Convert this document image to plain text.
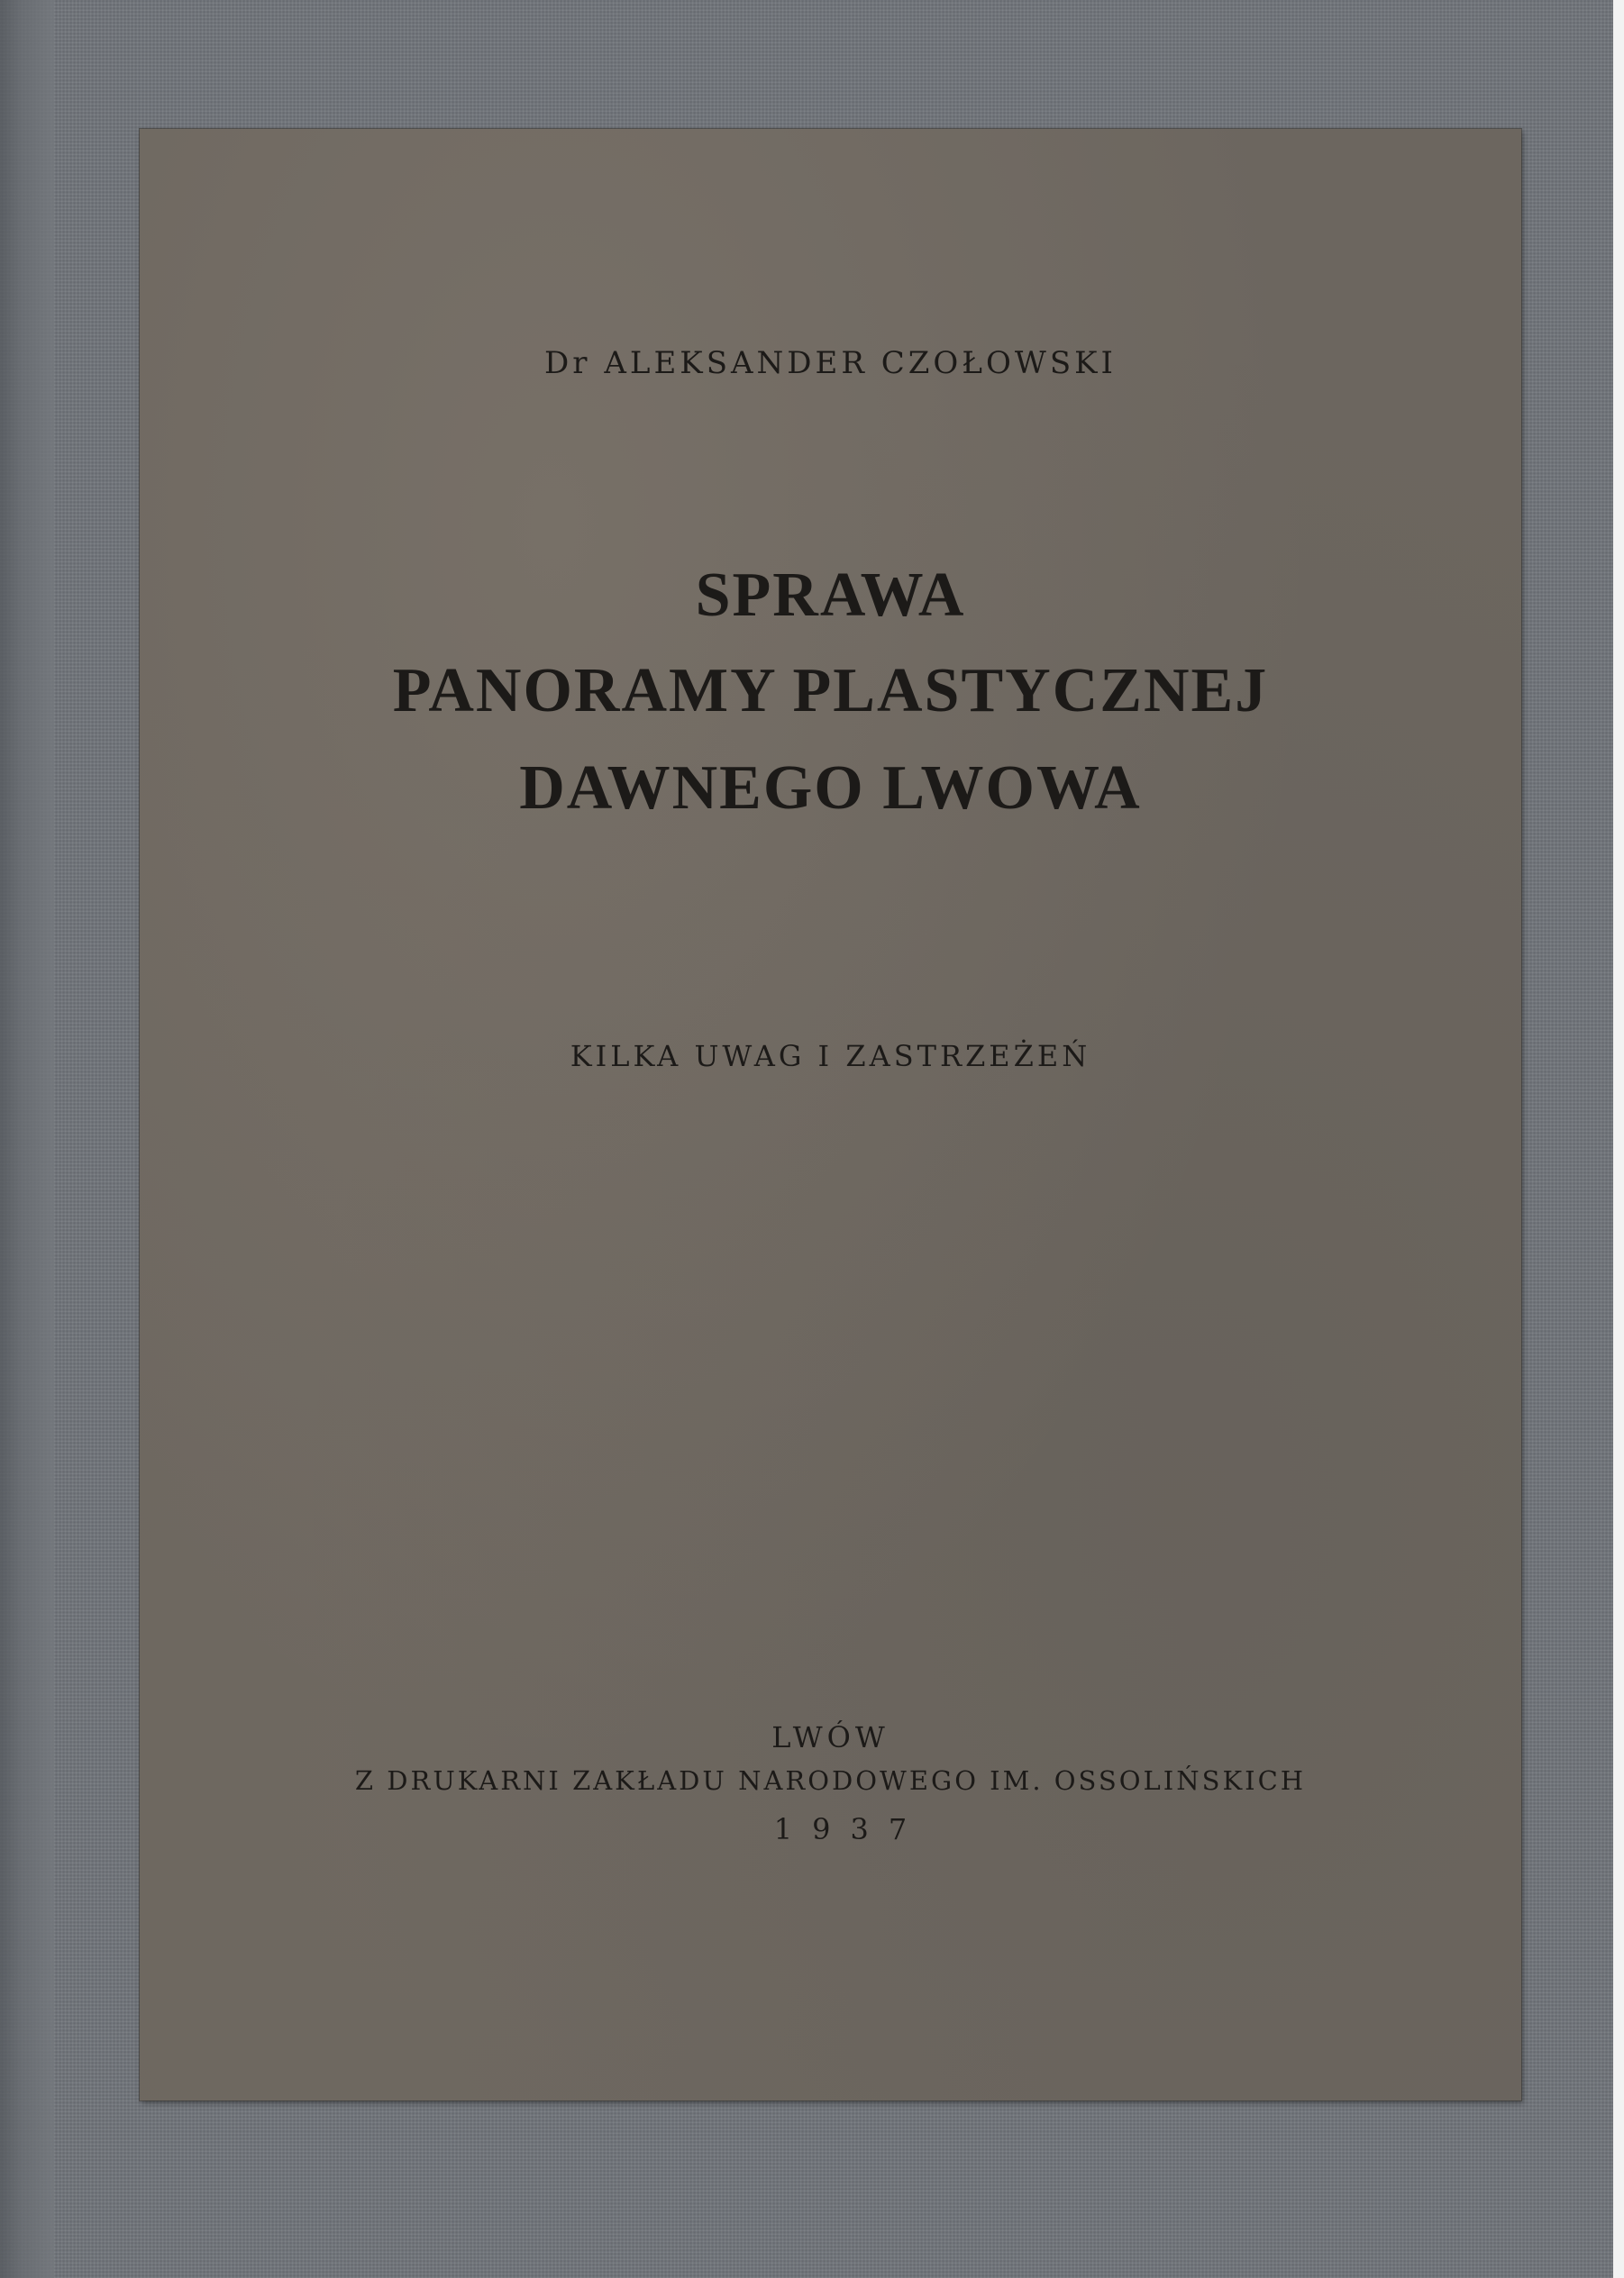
Dr ALEKSANDER CZOŁOWSKI
SPRAWA
PANORAMY PLASTYCZNEJ
DAWNEGO LWOWA
KILKA UWAG I ZASTRZEŻEŃ
LWÓW
Z DRUKARNI ZAKŁADU NARODOWEGO IM. OSSOLIŃSKICH
1937
